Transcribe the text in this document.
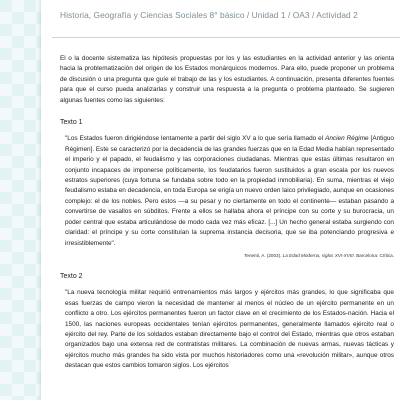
Historia, Geografía y Ciencias Sociales 8° básico / Unidad 1 / OA3 / Actividad 2

El o la docente sistematiza las hipótesis propuestas por los y las estudiantes en la actividad anterior y las orienta hacia la problematización del origen de los Estados monárquicos modernos. Para ello, puede proponer un problema de discusión o una pregunta que guíe el trabajo de las y los estudiantes. A continuación, presenta diferentes fuentes para que el curso pueda analizarlas y construir una respuesta a la pregunta o problema planteado. Se sugieren algunas fuentes como las siguientes:

Texto 1

"Los Estados fueron dirigiéndose lentamente a partir del siglo XV a lo que sería llamado el Ancien Régime [Antiguo Régimen]. Este se caracterizó por la decadencia de las grandes fuerzas que en la Edad Media habían representado el imperio y el papado, el feudalismo y las corporaciones ciudadanas. Mientras que estas últimas resultaron en conjunto incapaces de imponerse políticamente, los feudatarios fueron sustituidos a gran escala por los nuevos estratos superiores (cuya fortuna se fundaba sobre todo en la propiedad inmobiliaria). En suma, mientras el viejo feudalismo estaba en decadencia, en toda Europa se erigía un nuevo orden laico privilegiado, aunque en ocasiones complejo: el de los nobles. Pero estos —a su pesar y no ciertamente en todo el continente— estaban pasando a convertirse de vasallos en súbditos. Frente a ellos se hallaba ahora el príncipe con su corte y su burocracia, un poder central que estaba articulándose de modo cada vez más eficaz. [...] Un hecho general estaba surgiendo con claridad: el príncipe y su corte constituían la suprema instancia decisoria, que se iba potenciando progresiva e irresistiblemente".

Tenenti, A. (2003). La Edad Moderna, siglos XVI-XVIII. Barcelona: Crítica.

Texto 2

"La nueva tecnología militar requirió entrenamientos más largos y ejércitos más grandes, lo que significaba que esas fuerzas de campo vieron la necesidad de mantener al menos el núcleo de un ejército permanente en un conflicto a otro. Los ejércitos permanentes fueron un factor clave en el crecimiento de los Estados-nación. Hacia el 1500, las naciones europeas occidentales tenían ejércitos permanentes, generalmente llamados ejército real o ejército del rey. Parte de los soldados estaban directamente bajo el control del Estado, mientras que otros estaban organizados bajo una extensa red de contratistas militares. La combinación de nuevas armas, nuevas tácticas y ejércitos mucho más grandes ha sido vista por muchos historiadores como una «revolución militar», aunque otros destacan que estos cambios tomaron siglos. Los ejércitos
